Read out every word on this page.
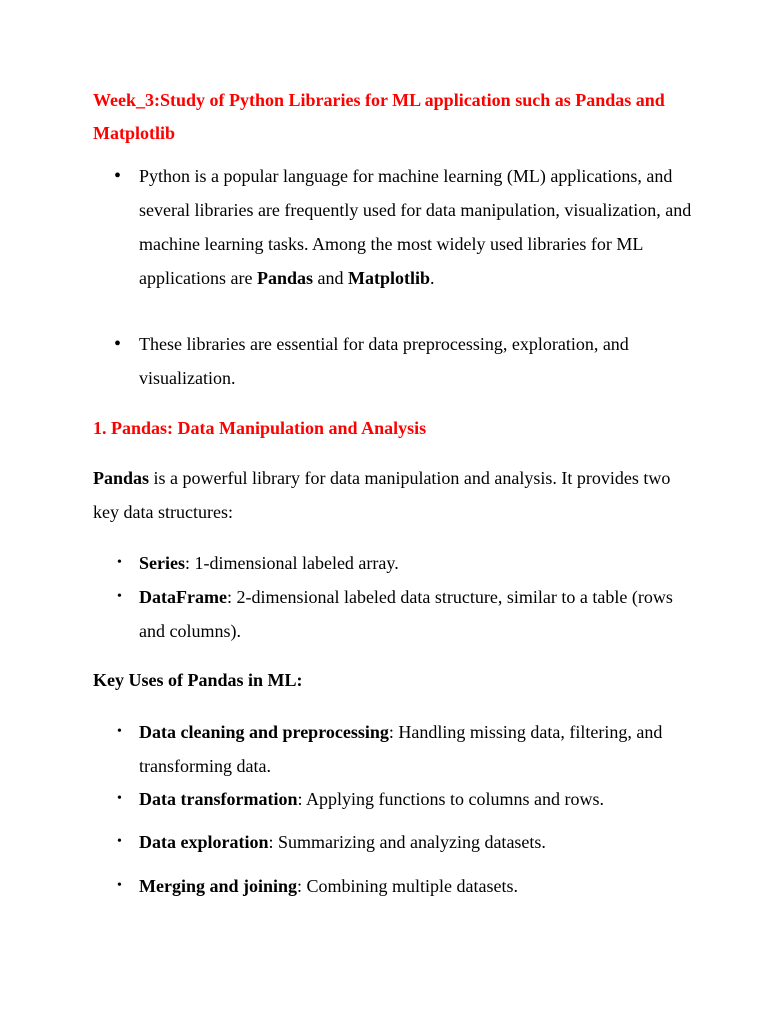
Week_3:Study of Python Libraries for ML application such as Pandas and Matplotlib
• Python is a popular language for machine learning (ML) applications, and several libraries are frequently used for data manipulation, visualization, and machine learning tasks. Among the most widely used libraries for ML applications are Pandas and Matplotlib.
• These libraries are essential for data preprocessing, exploration, and visualization.
1. Pandas: Data Manipulation and Analysis
Pandas is a powerful library for data manipulation and analysis. It provides two key data structures:
• Series: 1-dimensional labeled array.
• DataFrame: 2-dimensional labeled data structure, similar to a table (rows and columns).
Key Uses of Pandas in ML:
• Data cleaning and preprocessing: Handling missing data, filtering, and transforming data.
• Data transformation: Applying functions to columns and rows.
• Data exploration: Summarizing and analyzing datasets.
• Merging and joining: Combining multiple datasets.
